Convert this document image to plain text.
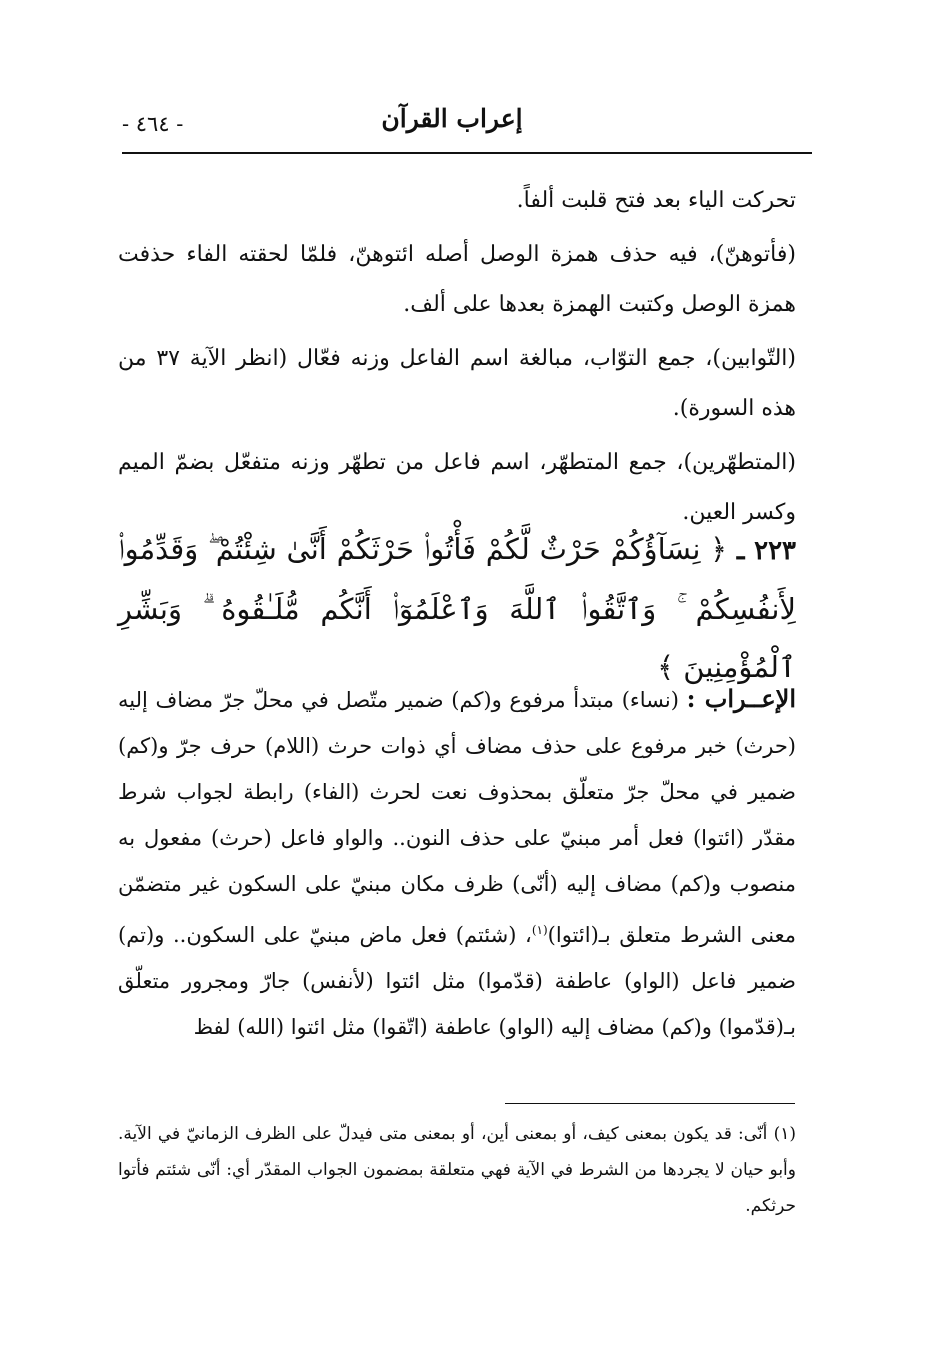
إعراب القرآن
- ٤٦٤ -

تحركت الياء بعد فتح قلبت ألفاً.

(فأتوهنّ)، فيه حذف همزة الوصل أصله ائتوهنّ، فلمّا لحقته الفاء حذفت همزة الوصل وكتبت الهمزة بعدها على ألف.

(التّوابين)، جمع التوّاب، مبالغة اسم الفاعل وزنه فعّال (انظر الآية ٣٧ من هذه السورة).

(المتطهّرين)، جمع المتطهّر، اسم فاعل من تطهّر وزنه متفعّل بضمّ الميم وكسر العين.

٢٢٣ ـ ﴿ نِسَآؤُكُمْ حَرْثٌ لَّكُمْ فَأْتُوا۟ حَرْثَكُمْ أَنَّىٰ شِئْتُمْ ۖ وَقَدِّمُوا۟ لِأَنفُسِكُمْ ۚ وَٱتَّقُوا۟ ٱللَّهَ وَٱعْلَمُوٓا۟ أَنَّكُم مُّلَـٰقُوهُ ۗ وَبَشِّرِ ٱلْمُؤْمِنِينَ ﴾
الإعــراب : (نساء) مبتدأ مرفوع و(كم) ضمير متّصل في محلّ جرّ مضاف إليه (حرث) خبر مرفوع على حذف مضاف أي ذوات حرث (اللام) حرف جرّ و(كم) ضمير في محلّ جرّ متعلّق بمحذوف نعت لحرث (الفاء) رابطة لجواب شرط مقدّر (ائتوا) فعل أمر مبنيّ على حذف النون.. والواو فاعل (حرث) مفعول به منصوب و(كم) مضاف إليه (أنّى) ظرف مكان مبنيّ على السكون غير متضمّن معنى الشرط متعلق بـ(ائتوا)$^{(١)}$، (شئتم) فعل ماض مبنيّ على السكون.. و(تم) ضمير فاعل (الواو) عاطفة (قدّموا) مثل ائتوا (لأنفس) جارّ ومجرور متعلّق بـ(قدّموا) و(كم) مضاف إليه (الواو) عاطفة (اتّقوا) مثل ائتوا (الله) لفظ
(١) أنّى: قد يكون بمعنى كيف، أو بمعنى أين، أو بمعنى متى فيدلّ على الظرف الزمانيّ في الآية. وأبو حيان لا يجردها من الشرط في الآية فهي متعلقة بمضمون الجواب المقدّر أي: أنّى شئتم فأتوا حرثكم.
